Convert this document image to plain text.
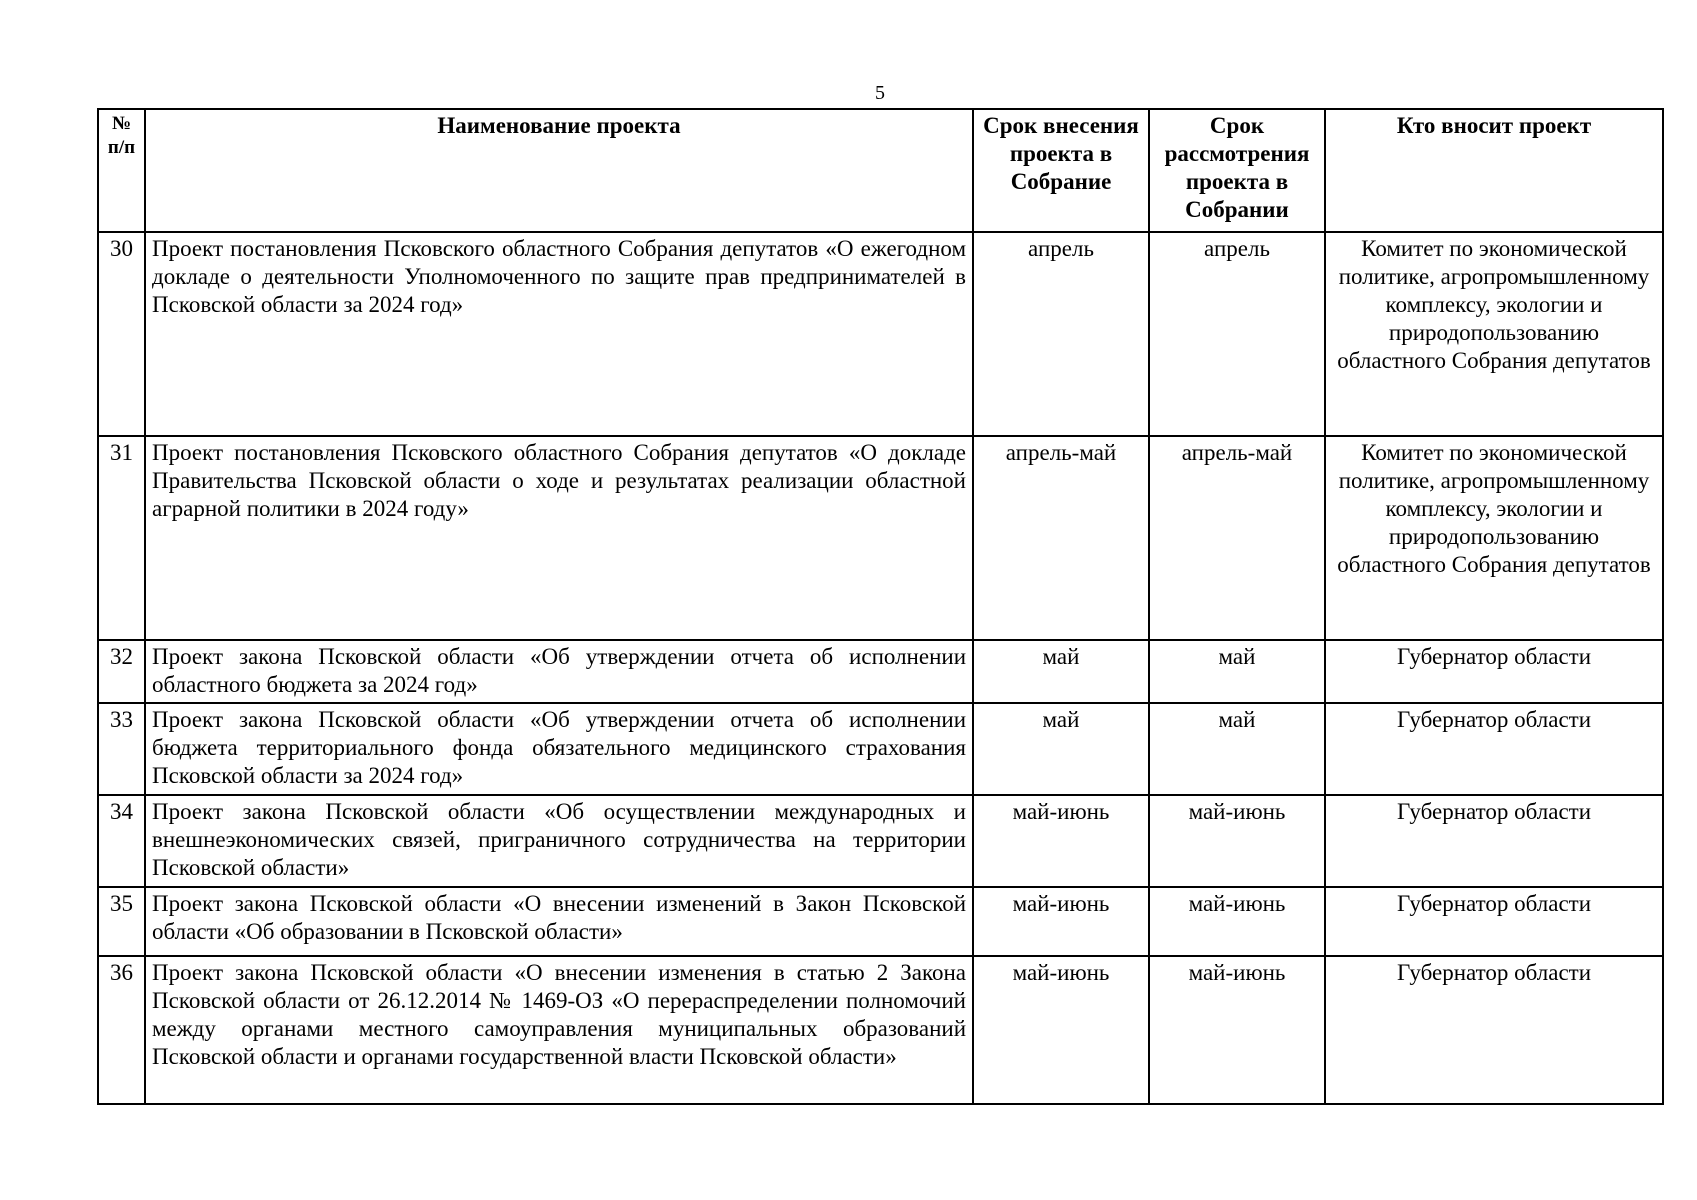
5
№ п/п	Наименование проекта	Срок внесения проекта в Собрание	Срок рассмотрения проекта в Собрании	Кто вносит проект
30	Проект постановления Псковского областного Собрания депутатов «О ежегодном докладе о деятельности Уполномоченного по защите прав предпринимателей в Псковской области за 2024 год»	апрель	апрель	Комитет по экономической политике, агропромышленному комплексу, экологии и природопользованию областного Собрания депутатов
31	Проект постановления Псковского областного Собрания депутатов «О докладе Правительства Псковской области о ходе и результатах реализации областной аграрной политики в 2024 году»	апрель-май	апрель-май	Комитет по экономической политике, агропромышленному комплексу, экологии и природопользованию областного Собрания депутатов
32	Проект закона Псковской области «Об утверждении отчета об исполнении областного бюджета за 2024 год»	май	май	Губернатор области
33	Проект закона Псковской области «Об утверждении отчета об исполнении бюджета территориального фонда обязательного медицинского страхования Псковской области за 2024 год»	май	май	Губернатор области
34	Проект закона Псковской области «Об осуществлении международных и внешнеэкономических связей, приграничного сотрудничества на территории Псковской области»	май-июнь	май-июнь	Губернатор области
35	Проект закона Псковской области «О внесении изменений в Закон Псковской области «Об образовании в Псковской области»	май-июнь	май-июнь	Губернатор области
36	Проект закона Псковской области «О внесении изменения в статью 2 Закона Псковской области от 26.12.2014 № 1469-ОЗ «О перераспределении полномочий между органами местного самоуправления муниципальных образований Псковской области и органами государственной власти Псковской области»	май-июнь	май-июнь	Губернатор области
